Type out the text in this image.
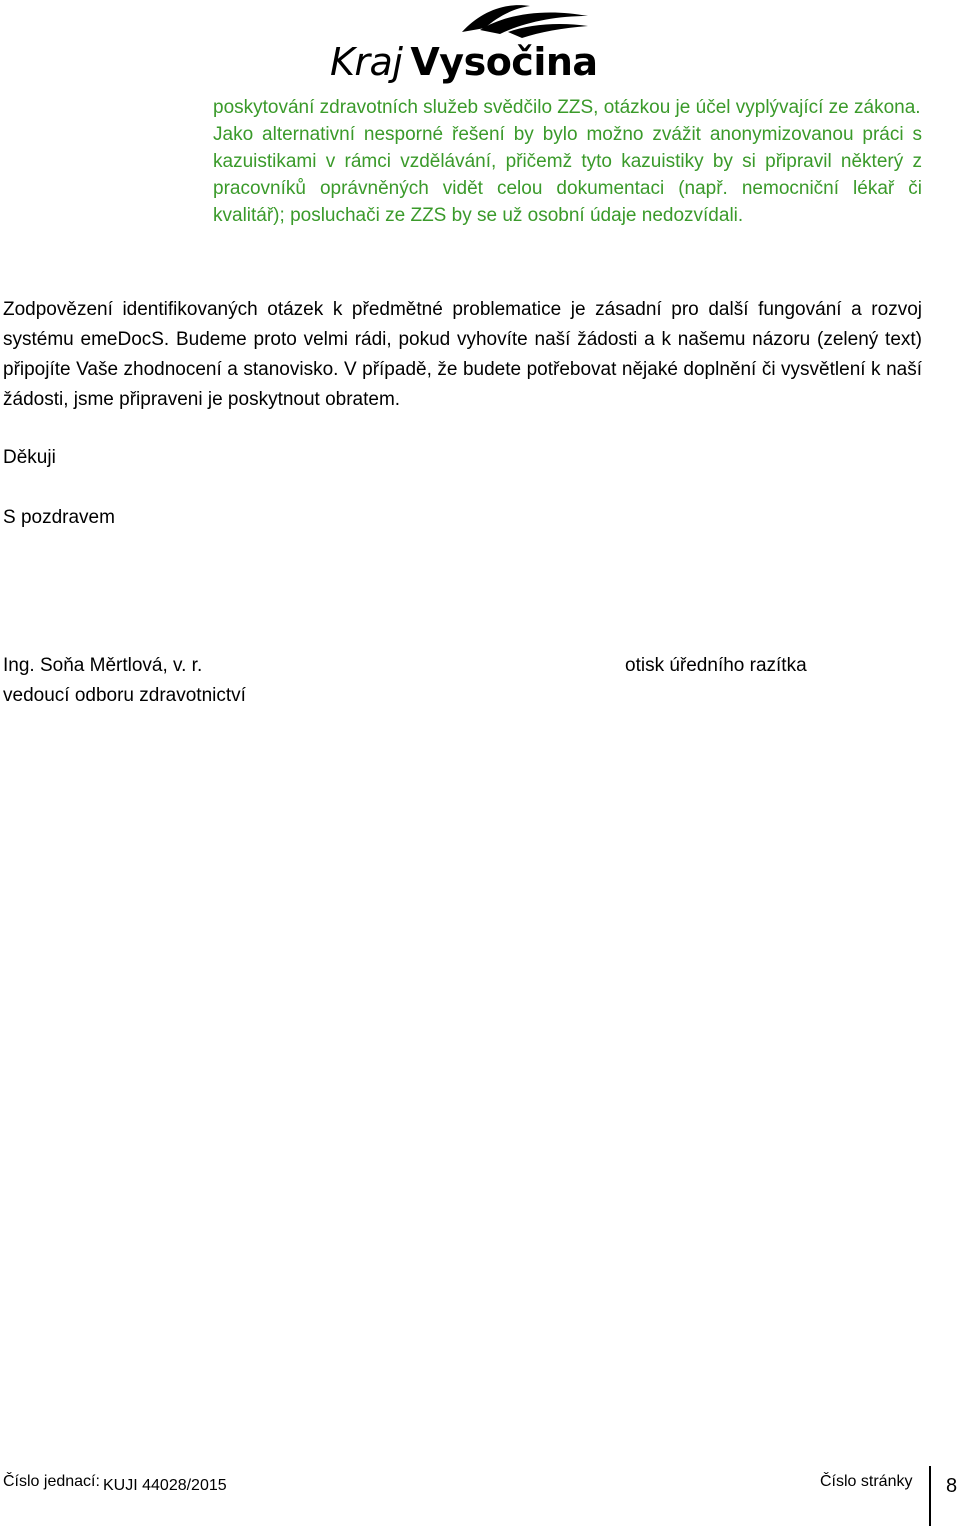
Kraj Vysočina

poskytování zdravotních služeb svědčilo ZZS, otázkou je účel vyplývající ze zákona.

Jako alternativní nesporné řešení by bylo možno zvážit anonymizovanou práci s kazuistikami v rámci vzdělávání, přičemž tyto kazuistiky by si připravil některý z pracovníků oprávněných vidět celou dokumentaci (např. nemocniční lékař či kvalitář); posluchači ze ZZS by se už osobní údaje nedozvídali.

Zodpovězení identifikovaných otázek k předmětné problematice je zásadní pro další fungování a rozvoj systému emeDocS. Budeme proto velmi rádi, pokud vyhovíte naší žádosti a k našemu názoru (zelený text) připojíte Vaše zhodnocení a stanovisko. V případě, že budete potřebovat nějaké doplnění či vysvětlení k naší žádosti, jsme připraveni je poskytnout obratem.

Děkuji

S pozdravem

Ing. Soňa Měrtlová, v. r.
vedoucí odboru zdravotnictví
otisk úředního razítka
Číslo jednací: KUJI 44028/2015	Číslo stránky 8
